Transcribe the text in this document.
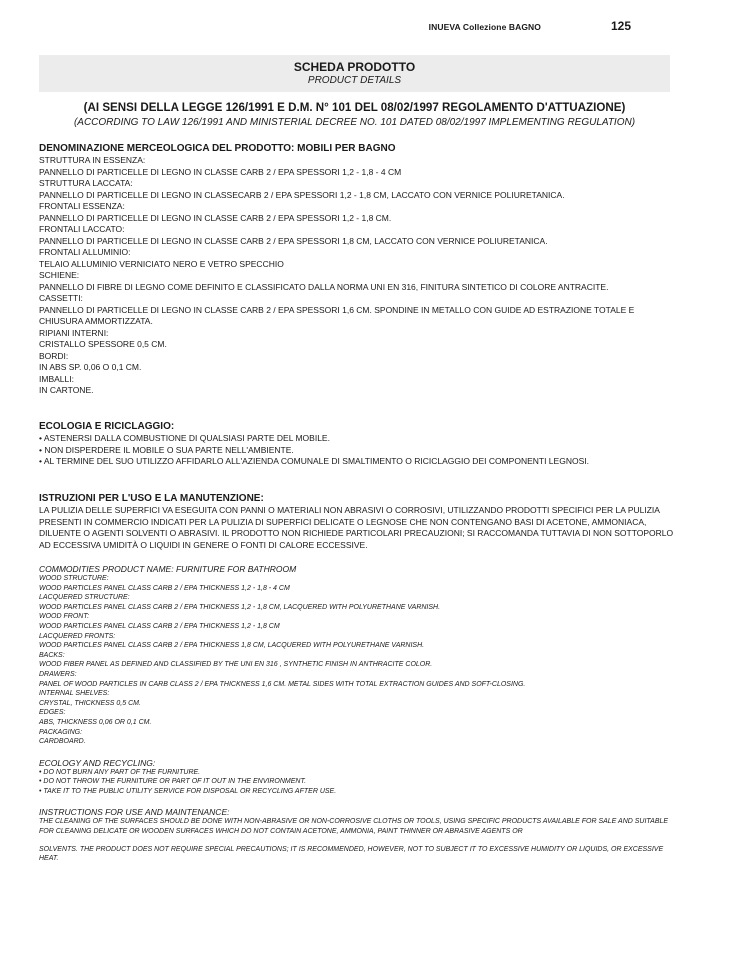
INUEVA Collezione BAGNO	125
SCHEDA PRODOTTO
PRODUCT DETAILS
(AI SENSI DELLA LEGGE 126/1991 E D.M. N° 101 DEL 08/02/1997 REGOLAMENTO D'ATTUAZIONE)
(ACCORDING TO LAW 126/1991 AND MINISTERIAL DECREE NO. 101 DATED 08/02/1997 IMPLEMENTING REGULATION)
DENOMINAZIONE MERCEOLOGICA DEL PRODOTTO: MOBILI PER BAGNO
STRUTTURA IN ESSENZA:
PANNELLO DI PARTICELLE DI LEGNO IN CLASSE CARB 2 / EPA SPESSORI 1,2 - 1,8 - 4 CM
STRUTTURA LACCATA:
PANNELLO DI PARTICELLE DI LEGNO IN CLASSECARB 2 / EPA SPESSORI 1,2 - 1,8 CM, LACCATO CON VERNICE POLIURETANICA.
FRONTALI ESSENZA:
PANNELLO DI PARTICELLE DI LEGNO IN CLASSE CARB 2 / EPA SPESSORI 1,2 - 1,8 CM.
FRONTALI LACCATO:
PANNELLO DI PARTICELLE DI LEGNO IN CLASSE CARB 2 / EPA SPESSORI 1,8 CM, LACCATO CON VERNICE POLIURETANICA.
FRONTALI ALLUMINIO:
TELAIO ALLUMINIO VERNICIATO NERO E VETRO SPECCHIO
SCHIENE:
PANNELLO DI FIBRE DI LEGNO COME DEFINITO E CLASSIFICATO DALLA NORMA UNI EN 316, FINITURA SINTETICO DI COLORE ANTRACITE.
CASSETTI:
PANNELLO DI PARTICELLE DI LEGNO IN CLASSE CARB 2 / EPA SPESSORI 1,6 CM. SPONDINE IN METALLO CON GUIDE AD ESTRAZIONE TOTALE E
CHIUSURA AMMORTIZZATA.
RIPIANI INTERNI:
CRISTALLO SPESSORE 0,5 CM.
BORDI:
IN ABS SP. 0,06 O 0,1 CM.
IMBALLI:
IN CARTONE.
ECOLOGIA E RICICLAGGIO:
• ASTENERSI DALLA COMBUSTIONE DI QUALSIASI PARTE DEL MOBILE.
• NON DISPERDERE IL MOBILE O SUA PARTE NELL'AMBIENTE.
• AL TERMINE DEL SUO UTILIZZO AFFIDARLO ALL'AZIENDA COMUNALE DI SMALTIMENTO O RICICLAGGIO DEI COMPONENTI LEGNOSI.
ISTRUZIONI PER L'USO E LA MANUTENZIONE:
LA PULIZIA DELLE SUPERFICI VA ESEGUITA CON PANNI O MATERIALI NON ABRASIVI O CORROSIVI, UTILIZZANDO PRODOTTI SPECIFICI PER LA PULIZIA PRESENTI IN COMMERCIO INDICATI PER LA PULIZIA DI SUPERFICI DELICATE O LEGNOSE CHE NON CONTENGANO BASI DI ACETONE, AMMONIACA, DILUENTE O AGENTI SOLVENTI O ABRASIVI. IL PRODOTTO NON RICHIEDE PARTICOLARI PRECAUZIONI; SI RACCOMANDA TUTTAVIA DI NON SOTTOPORLO AD ECCESSIVA UMIDITÀ O LIQUIDI IN GENERE O FONTI DI CALORE ECCESSIVE.
COMMODITIES PRODUCT NAME: FURNITURE FOR BATHROOM
WOOD STRUCTURE:
WOOD PARTICLES PANEL CLASS CARB 2 / EPA THICKNESS 1,2 - 1,8 - 4 CM
LACQUERED STRUCTURE:
WOOD PARTICLES PANEL CLASS CARB 2 / EPA THICKNESS 1,2 - 1,8 CM, LACQUERED WITH POLYURETHANE VARNISH.
WOOD FRONT:
WOOD PARTICLES PANEL CLASS CARB 2 / EPA THICKNESS 1,2 - 1,8 CM
LACQUERED FRONTS:
WOOD PARTICLES PANEL CLASS CARB 2 / EPA THICKNESS 1,8 CM, LACQUERED WITH POLYURETHANE VARNISH.
BACKS:
WOOD FIBER PANEL AS DEFINED AND CLASSIFIED BY THE UNI EN 316 , SYNTHETIC FINISH IN ANTHRACITE COLOR.
DRAWERS:
PANEL OF WOOD PARTICLES IN CARB CLASS 2 / EPA THICKNESS 1,6 CM. METAL SIDES WITH TOTAL EXTRACTION GUIDES AND SOFT-CLOSING.
INTERNAL SHELVES:
CRYSTAL, THICKNESS 0,5 CM.
EDGES:
ABS, THICKNESS 0,06 OR 0,1 CM.
PACKAGING:
CARDBOARD.
ECOLOGY AND RECYCLING:
• DO NOT BURN ANY PART OF THE FURNITURE.
• DO NOT THROW THE FURNITURE OR PART OF IT OUT IN THE ENVIRONMENT.
• TAKE IT TO THE PUBLIC UTILITY SERVICE FOR DISPOSAL OR RECYCLING AFTER USE.
INSTRUCTIONS FOR USE AND MAINTENANCE:
THE CLEANING OF THE SURFACES SHOULD BE DONE WITH NON-ABRASIVE OR NON-CORROSIVE CLOTHS OR TOOLS, USING SPECIFIC PRODUCTS AVAILABLE FOR SALE AND SUITABLE FOR CLEANING DELICATE OR WOODEN SURFACES WHICH DO NOT CONTAIN ACETONE, AMMONIA, PAINT THINNER OR ABRASIVE AGENTS OR
SOLVENTS. THE PRODUCT DOES NOT REQUIRE SPECIAL PRECAUTIONS; IT IS RECOMMENDED, HOWEVER, NOT TO SUBJECT IT TO EXCESSIVE HUMIDITY OR LIQUIDS, OR EXCESSIVE HEAT.
